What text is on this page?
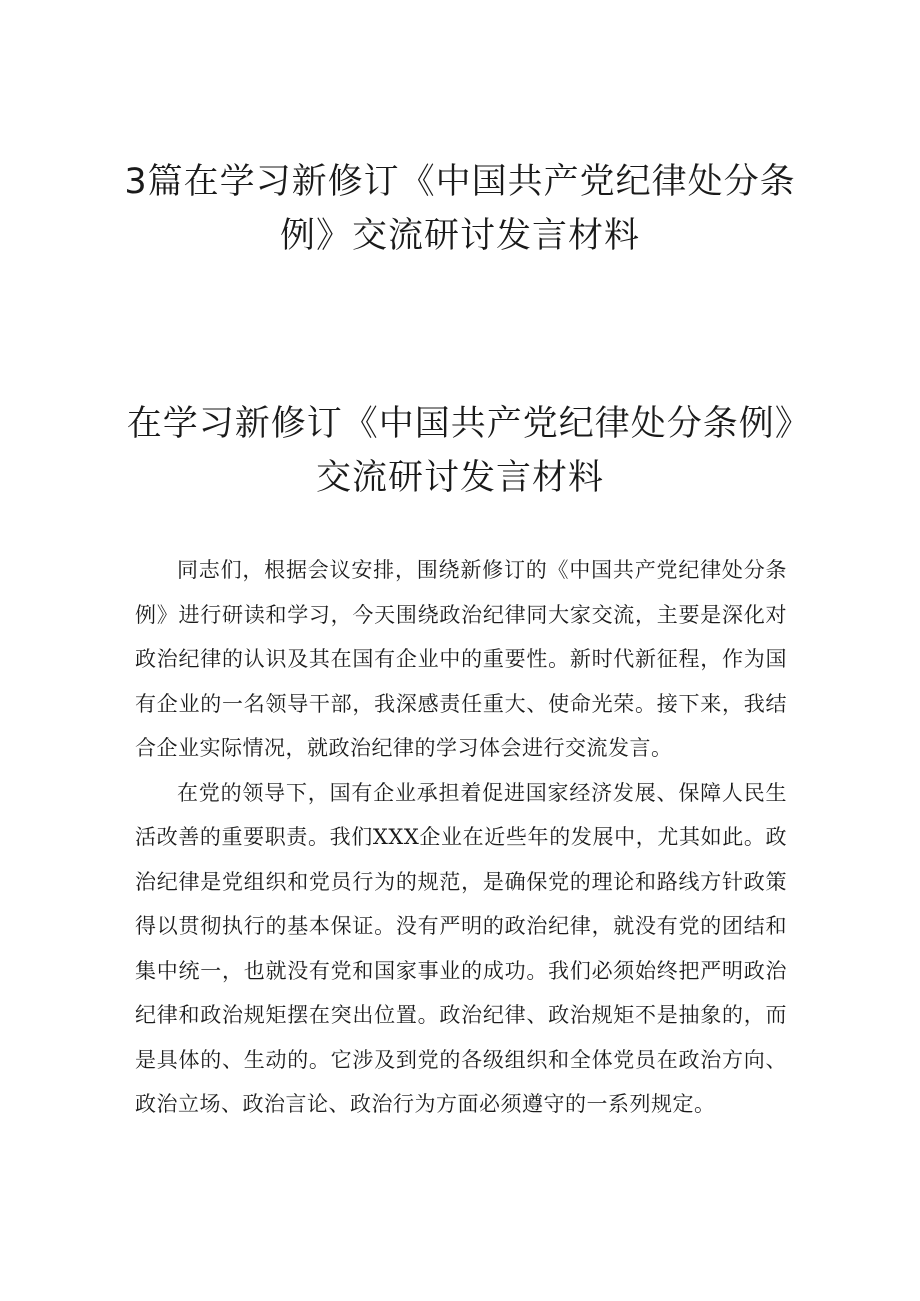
3篇在学习新修订《中国共产党纪律处分条例》交流研讨发言材料
在学习新修订《中国共产党纪律处分条例》交流研讨发言材料

同志们，根据会议安排，围绕新修订的《中国共产党纪律处分条例》进行研读和学习，今天围绕政治纪律同大家交流，主要是深化对政治纪律的认识及其在国有企业中的重要性。新时代新征程，作为国有企业的一名领导干部，我深感责任重大、使命光荣。接下来，我结合企业实际情况，就政治纪律的学习体会进行交流发言。

在党的领导下，国有企业承担着促进国家经济发展、保障人民生活改善的重要职责。我们XXX企业在近些年的发展中，尤其如此。政治纪律是党组织和党员行为的规范，是确保党的理论和路线方针政策得以贯彻执行的基本保证。没有严明的政治纪律，就没有党的团结和集中统一，也就没有党和国家事业的成功。我们必须始终把严明政治纪律和政治规矩摆在突出位置。政治纪律、政治规矩不是抽象的，而是具体的、生动的。它涉及到党的各级组织和全体党员在政治方向、政治立场、政治言论、政治行为方面必须遵守的一系列规定。
